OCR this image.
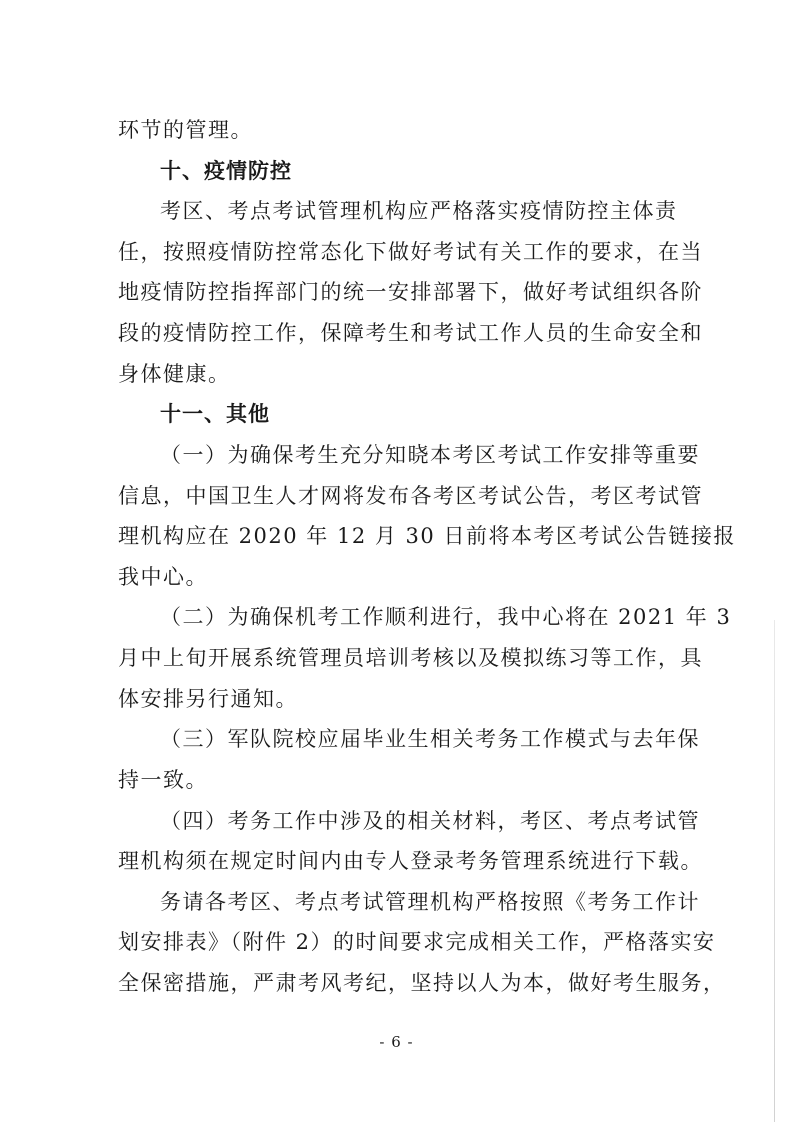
环节的管理。
十、疫情防控
考区、考点考试管理机构应严格落实疫情防控主体责
任，按照疫情防控常态化下做好考试有关工作的要求，在当
地疫情防控指挥部门的统一安排部署下，做好考试组织各阶
段的疫情防控工作，保障考生和考试工作人员的生命安全和
身体健康。
十一、其他
（一）为确保考生充分知晓本考区考试工作安排等重要
信息，中国卫生人才网将发布各考区考试公告，考区考试管
理机构应在 2020 年 12 月 30 日前将本考区考试公告链接报
我中心。
（二）为确保机考工作顺利进行，我中心将在 2021 年 3
月中上旬开展系统管理员培训考核以及模拟练习等工作，具
体安排另行通知。
（三）军队院校应届毕业生相关考务工作模式与去年保
持一致。
（四）考务工作中涉及的相关材料，考区、考点考试管
理机构须在规定时间内由专人登录考务管理系统进行下载。
务请各考区、考点考试管理机构严格按照《考务工作计
划安排表》（附件 2）的时间要求完成相关工作，严格落实安
全保密措施，严肃考风考纪，坚持以人为本，做好考生服务，
- 6 -
